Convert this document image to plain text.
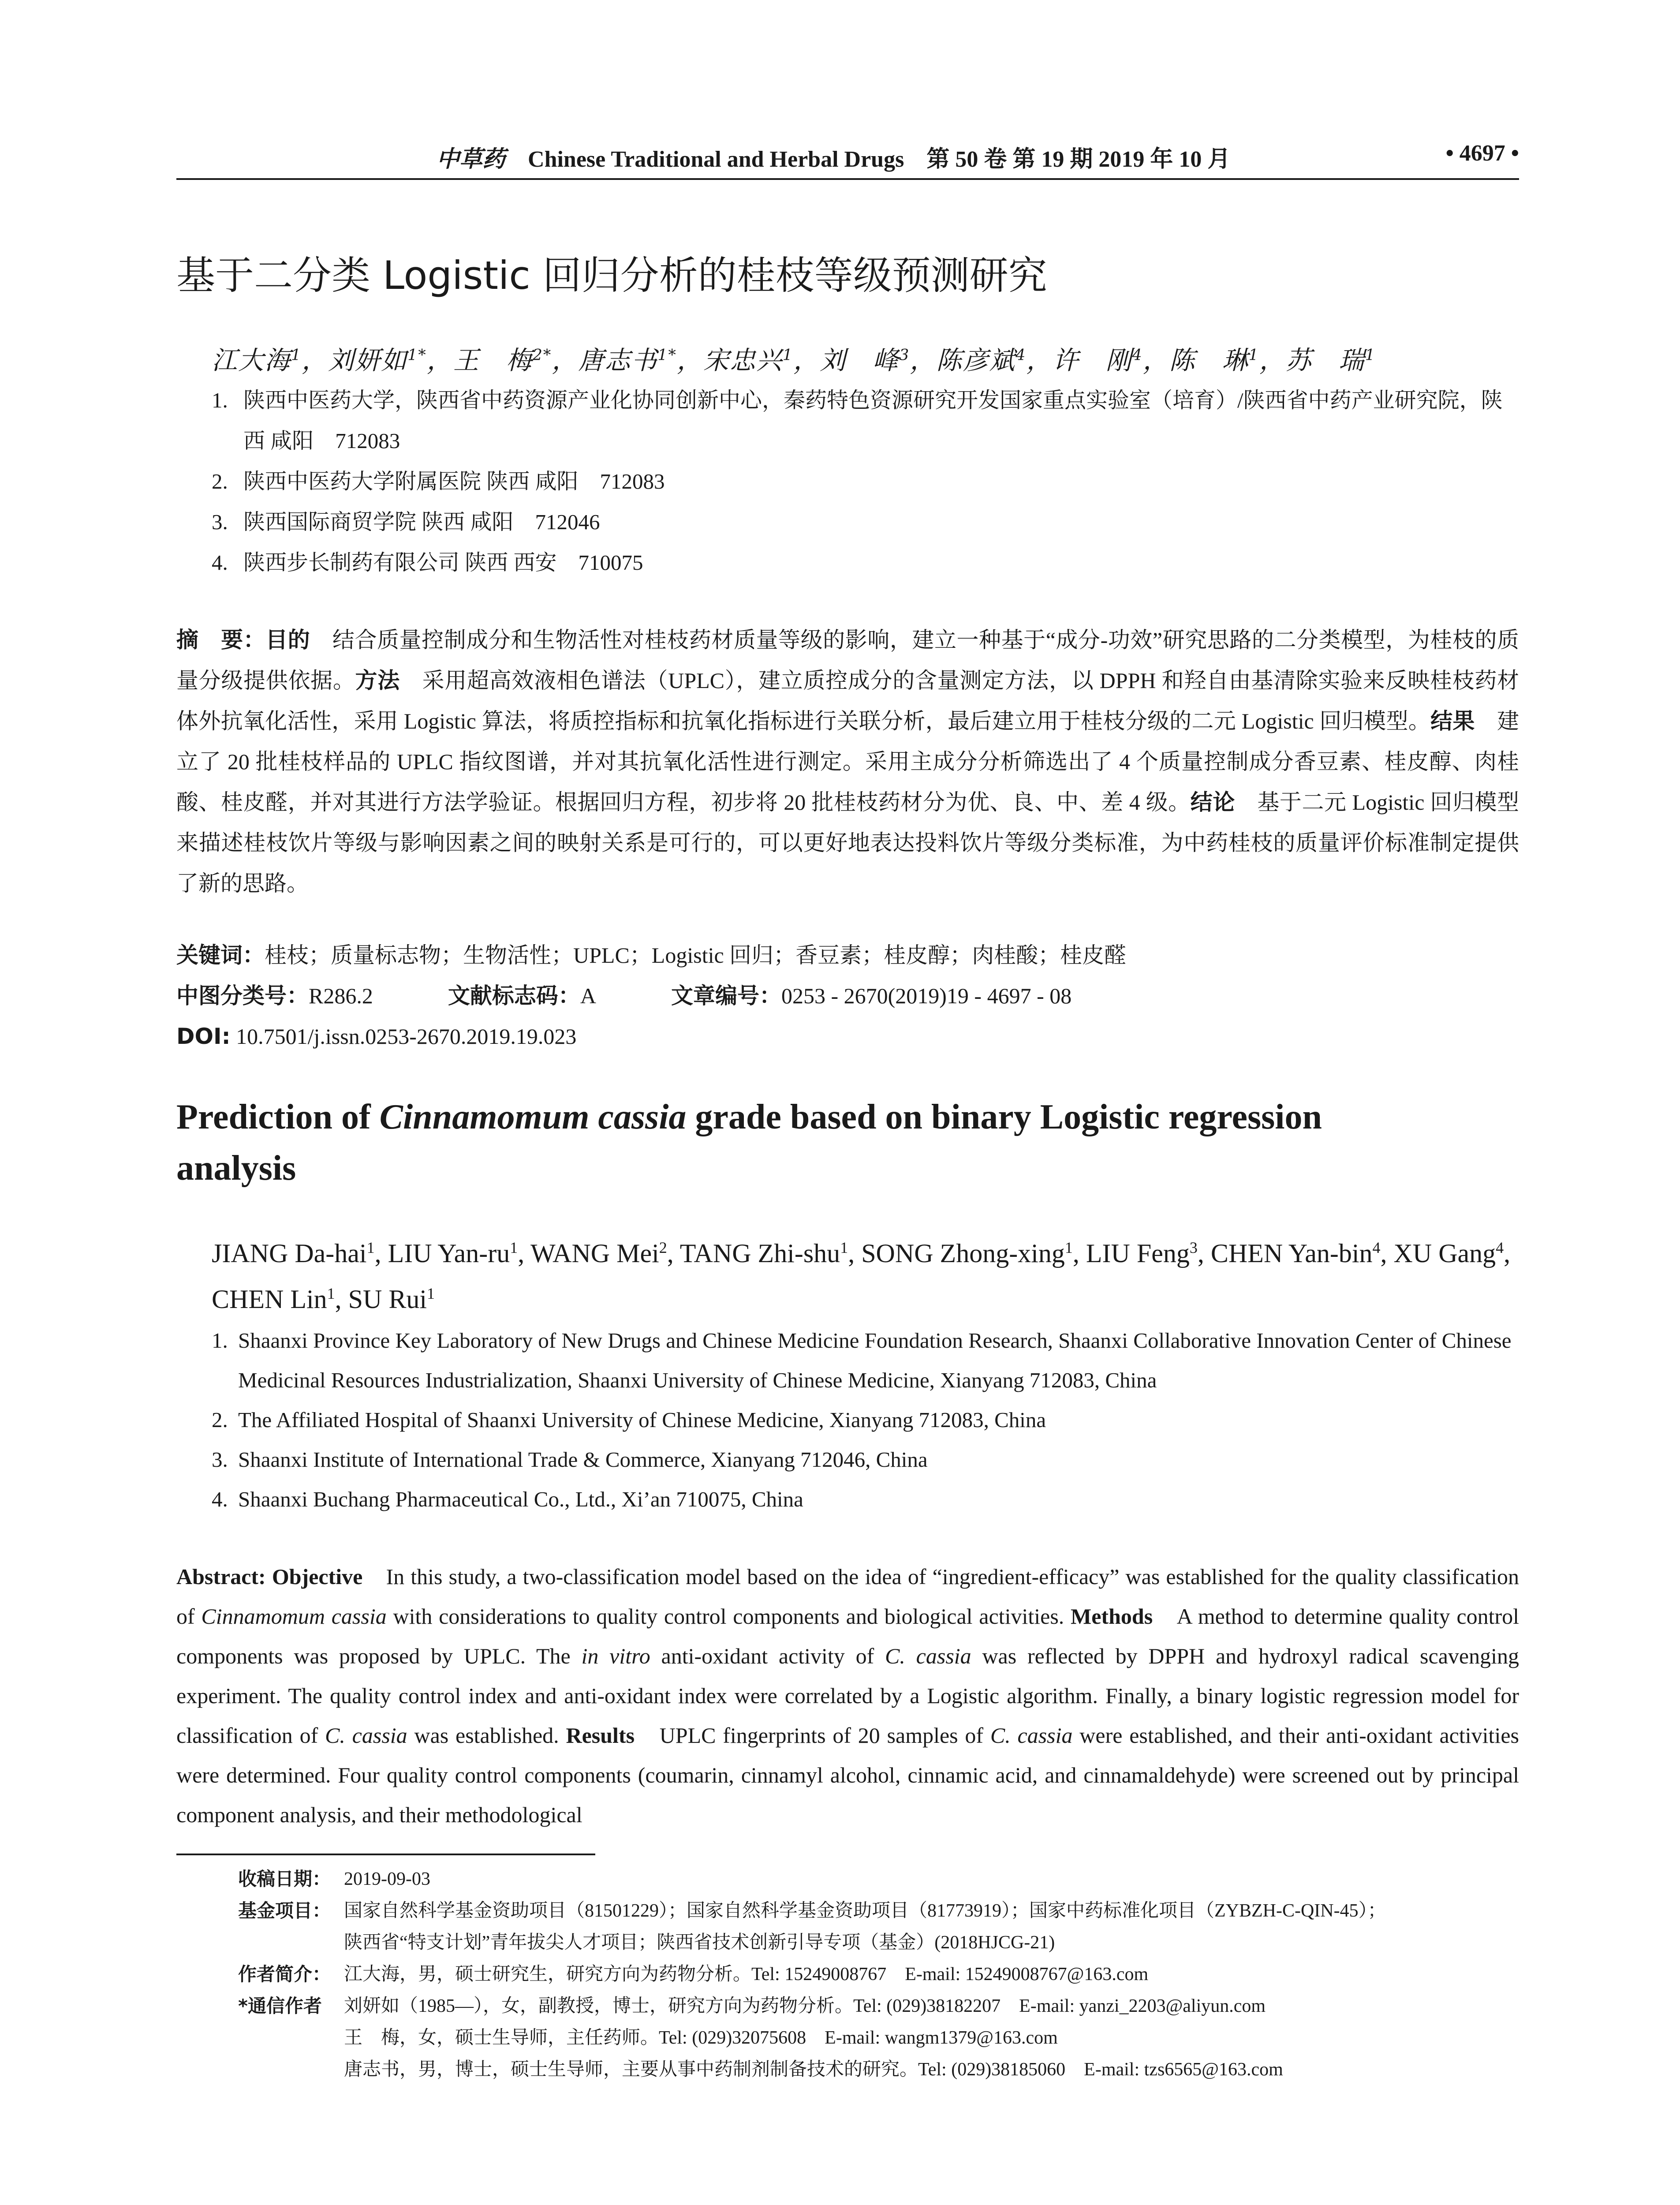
中草药 Chinese Traditional and Herbal Drugs 第 50 卷 第 19 期 2019 年 10 月	• 4697 •
基于二分类 Logistic 回归分析的桂枝等级预测研究
江大海$^1$，刘妍如$^{1*}$，王　梅$^{2*}$，唐志书$^{1*}$，宋忠兴$^1$，刘　峰$^3$，陈彦斌$^4$，许　刚$^4$，陈　琳$^1$，苏　瑞$^1$
1. 陕西中医药大学，陕西省中药资源产业化协同创新中心，秦药特色资源研究开发国家重点实验室（培育）/陕西省中药产业研究院，陕西 咸阳　712083
2. 陕西中医药大学附属医院 陕西 咸阳　712083
3. 陕西国际商贸学院 陕西 咸阳　712046
4. 陕西步长制药有限公司 陕西 西安　710075
摘　要：目的　 结合质量控制成分和生物活性对桂枝药材质量等级的影响，建立一种基于“成分-功效”研究思路的二分类模型，为桂枝的质量分级提供依据。方法　 采用超高效液相色谱法（UPLC），建立质控成分的含量测定方法，以 DPPH 和羟自由基清除实验来反映桂枝药材体外抗氧化活性，采用 Logistic 算法，将质控指标和抗氧化指标进行关联分析，最后建立用于桂枝分级的二元 Logistic 回归模型。结果　 建立了 20 批桂枝样品的 UPLC 指纹图谱，并对其抗氧化活性进行测定。采用主成分分析筛选出了 4 个质量控制成分香豆素、桂皮醇、肉桂酸、桂皮醛，并对其进行方法学验证。根据回归方程，初步将 20 批桂枝药材分为优、良、中、差 4 级。结论　 基于二元 Logistic 回归模型来描述桂枝饮片等级与影响因素之间的映射关系是可行的，可以更好地表达投料饮片等级分类标准，为中药桂枝的质量评价标准制定提供了新的思路。
关键词：桂枝；质量标志物；生物活性；UPLC；Logistic 回归；香豆素；桂皮醇；肉桂酸；桂皮醛
中图分类号：R286.2	文献标志码：A	文章编号：0253 - 2670(2019)19 - 4697 - 08
DOI: 10.7501/j.issn.0253-2670.2019.19.023
Prediction of Cinnamomum cassia grade based on binary Logistic regression analysis
JIANG Da-hai$^1$, LIU Yan-$ru^1$, WANG Mei$^2$, TANG Zhi-shu$^1$, SONG Zhong-xing$^1$, LIU Feng$^3$, CHEN Yan-bin$^4$, XU Gang$^4$, CHEN Lin$^1$, SU Rui$^1$
1. Shaanxi Province Key Laboratory of New Drugs and Chinese Medicine Foundation Research, Shaanxi Collaborative Innovation Center of Chinese Medicinal Resources Industrialization, Shaanxi University of Chinese Medicine, Xianyang 712083, China
2. The Affiliated Hospital of Shaanxi University of Chinese Medicine, Xianyang 712083, China
3. Shaanxi Institute of International Trade & Commerce, Xianyang 712046, China
4. Shaanxi Buchang Pharmaceutical Co., Ltd., Xi’an 710075, China
Abstract: Objective　 In this study, a two-classification model based on the idea of “ingredient-efficacy” was established for the quality classification of Cinnamomum cassia with considerations to quality control components and biological activities. Methods　 A method to determine quality control components was proposed by UPLC. The in vitro anti-oxidant activity of C. cassia was reflected by DPPH and hydroxyl radical scavenging experiment. The quality control index and anti-oxidant index were correlated by a Logistic algorithm. Finally, a binary logistic regression model for classification of C. cassia was established. Results　 UPLC fingerprints of 20 samples of C. cassia were established, and their anti-oxidant activities were determined. Four quality control components (coumarin, cinnamyl alcohol, cinnamic acid, and cinnamaldehyde) were screened out by principal component analysis, and their methodological
收稿日期： 2019-09-03
基金项目： 国家自然科学基金资助项目（81501229）；国家自然科学基金资助项目（81773919）；国家中药标准化项目（ZYBZH-C-QIN-45）；
陕西省“特支计划”青年拔尖人才项目；陕西省技术创新引导专项（基金）(2018HJCG-21)
作者简介： 江大海，男，硕士研究生，研究方向为药物分析。Tel: 15249008767　E-mail: 15249008767@163.com
*通信作者 刘妍如（1985—），女，副教授，博士，研究方向为药物分析。Tel: (029)38182207　E-mail: yanzi_2203@aliyun.com
王　梅，女，硕士生导师，主任药师。Tel: (029)32075608　E-mail: wangm1379@163.com
唐志书，男，博士，硕士生导师，主要从事中药制剂制备技术的研究。Tel: (029)38185060　E-mail: tzs6565@163.com
